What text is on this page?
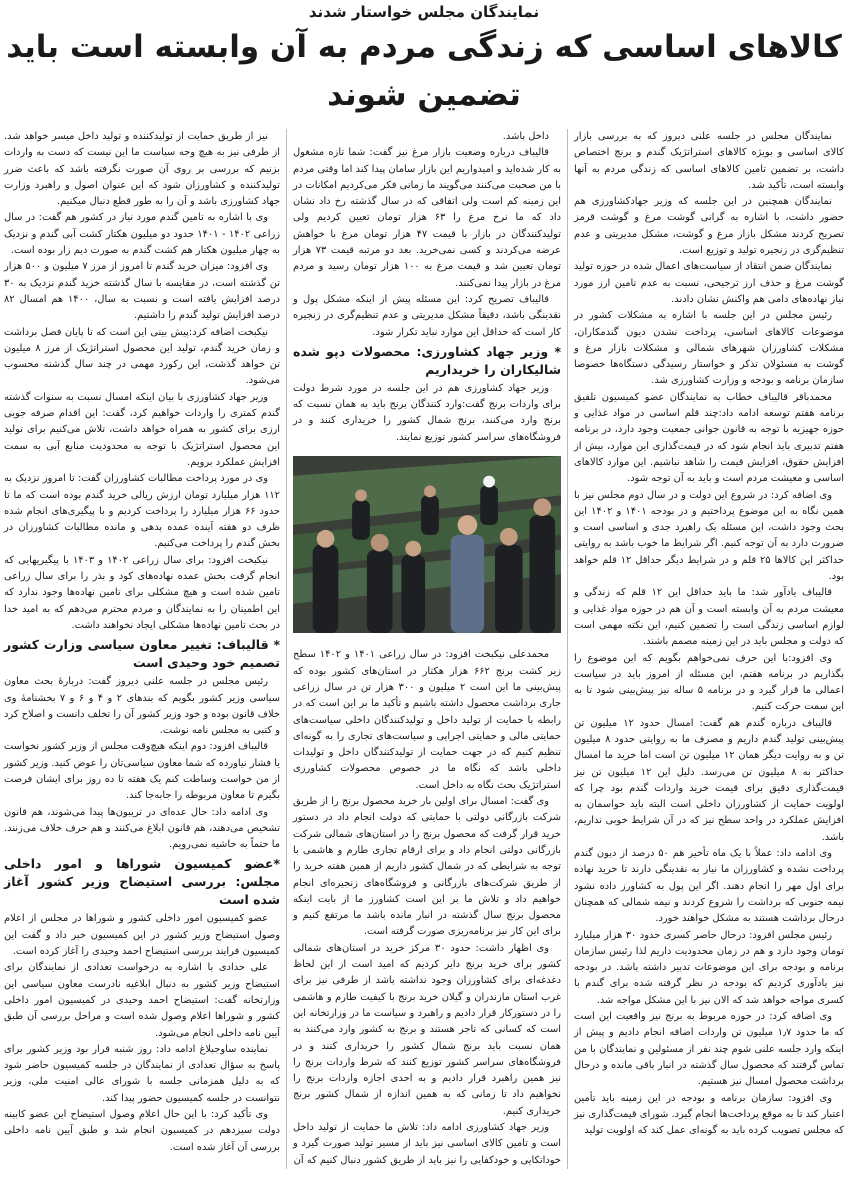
نمایندگان مجلس خواستار شدند
کالاهای اساسی که زندگی مردم به آن وابسته است باید تضمین شوند

نمایندگان مجلس در جلسه علنی دیروز که به بررسی بازار کالای اساسی و بویژه کالاهای استراتژیک گندم و برنج اختصاص داشت، بر تضمین تامین کالاهای اساسی که زندگی مردم به آنها وابسته است، تأکید شد.

نمایندگان همچنین در این جلسه که وزیر جهادکشاورزی هم حضور داشت، با اشاره به گرانی گوشت مرغ و گوشت قرمز تصریح کردند مشکل بازار مرغ و گوشت، مشکل مدیریتی و عدم تنظیم‌گری در زنجیره تولید و توزیع است.

نمایندگان ضمن انتقاد از سیاست‌های اعمال شده در حوزه تولید گوشت مرغ و حذف ارز ترجیحی، نسبت به عدم تامین ارز مورد نیاز نهاده‌های دامی هم واکنش نشان دادند.

رئیس مجلس در این جلسه با اشاره به مشکلات کشور در موضوعات کالاهای اساسی، پرداخت نشدن دیون گندمکاران، مشکلات کشاورزان شهرهای شمالی و مشکلات بازار مرغ و گوشت به مسئولان تذکر و خواستار رسیدگی دستگاه‌ها خصوصا سازمان برنامه و بودجه و وزارت کشاورزی شد.

محمدباقر قالیباف خطاب به نمایندگان عضو کمیسیون تلفیق برنامه هفتم توسعه ادامه داد:چند قلم اساسی در مواد غذایی و حوزه جهیزیه با توجه به قانون جوانی جمعیت وجود دارد، در برنامه هفتم تدبیری باید انجام شود که در قیمت‌گذاری این موارد، بیش از افزایش حقوق، افزایش قیمت را شاهد نباشیم. این موارد کالاهای اساسی و معیشت مردم است و باید به آن توجه شود.

وی اضافه کرد: در شروع این دولت و در سال دوم مجلس نیز با همین نگاه به این موضوع پرداختیم و در بودجه ۱۴۰۱ و ۱۴۰۲ این بحث وجود داشت، این مسئله یک راهبرد جدی و اساسی است و ضرورت دارد به آن توجه کنیم. اگر شرایط ما خوب باشد به روایتی حداکثر این کالاها ۲۵ قلم و در شرایط دیگر حداقل ۱۲ قلم خواهد بود.

قالیباف یادآور شد: ما باید حداقل این ۱۲ قلم که زندگی و معیشت مردم به آن وابسته است و آن هم در حوزه مواد غذایی و لوازم اساسی زندگی است را تضمین کنیم، این نکته مهمی است که دولت و مجلس باید در این زمینه مصمم باشند.

وی افزود:با این حرف نمی‌خواهم بگویم که این موضوع را بگذاریم در برنامه هفتم، این مسئله از امروز باید در سیاست اعمالی ما قرار گیرد و در برنامه ۵ ساله نیز پیش‌بینی شود تا به این سمت حرکت کنیم.

قالیباف درباره گندم هم گفت: امسال حدود ۱۲ میلیون تن پیش‌بینی تولید گندم داریم و مصرف ما به روایتی حدود ۸ میلیون تن و به روایت دیگر همان ۱۲ میلیون تن است اما خرید ما امسال حداکثر به ۸ میلیون تن می‌رسد. دلیل این ۱۲ میلیون تن نیز قیمت‌گذاری دقیق برای قیمت خرید واردات گندم بود چرا که اولویت حمایت از کشاورزان داخلی است البته باید حواسمان به افزایش عملکرد در واحد سطح نیز که در آن شرایط خوبی نداریم، باشد.

وی ادامه داد: عملاً با یک ماه تأخیر هم ۵۰ درصد از دیون گندم پرداخت نشده و کشاورزان ما نیاز به نقدینگی دارند تا خرید نهاده برای اول مهر را انجام دهند. اگر این پول به کشاورز داده نشود نیمه جنوبی که برداشت را شروع کردند و نیمه شمالی که همچنان درحال برداشت هستند به مشکل خواهند خورد.

رئیس مجلس افزود: درحال حاضر کسری حدود ۳۰ هزار میلیارد تومان وجود دارد و هم در زمان محدودیت داریم لذا رئیس سازمان برنامه و بودجه برای این موضوعات تدبیر داشته باشد. در بودجه نیز یادآوری کردیم که بودجه در نظر گرفته شده برای گندم با کسری مواجه خواهد شد که الان نیز با این مشکل مواجه شد.

وی اضافه کرد: در حوزه مربوط به برنج نیز واقعیت این است که ما حدود ۱٫۷ میلیون تن واردات اضافه انجام دادیم و پیش از اینکه وارد جلسه علنی شوم چند نفر از مسئولین و نمایندگان با من تماس گرفتند که محصول سال گذشته در انبار باقی مانده و درحال برداشت محصول امسال نیز هستیم.

وی افزود: سازمان برنامه و بودجه در این زمینه باید تأمین اعتبار کند تا به موقع پرداخت‌ها انجام گیرد. شورای قیمت‌گذاری نیز که مجلس تصویب کرده باید به گونه‌ای عمل کند که اولویت تولید

داخل باشد.

قالیباف درباره وضعیت بازار مرغ نیز گفت: شما تازه مشغول به کار شده‌اید و امیدواریم این بازار سامان پیدا کند اما وقتی مردم با من صحبت می‌کنند می‌گویند ما زمانی فکر می‌کردیم امکانات در این زمینه کم است ولی اتفاقی که در سال گذشته رخ داد نشان داد که ما نرخ مرغ را ۶۳ هزار تومان تعیین کردیم ولی تولیدکنندگان در بازار با قیمت ۴۷ هزار تومان مرغ با خواهش عرضه می‌کردند و کسی نمی‌خرید. بعد دو مرتبه قیمت ۷۳ هزار تومان تعیین شد و قیمت مرغ به ۱۰۰ هزار تومان رسید و مردم مرغ در بازار پیدا نمی‌کنند.

قالیباف تصریح کرد: این مسئله پیش از اینکه مشکل پول و نقدینگی باشد، دقیقاً مشکل مدیریتی و عدم تنظیم‌گری در زنجیره کار است که حداقل این موارد نباید تکرار شود.

* وزیر جهاد کشاورزی: محصولات دپو شده شالیکاران را خریداریم

وزیر جهاد کشاورزی هم در این جلسه در مورد شرط دولت برای واردات برنج گفت:وارد کنندگان برنج باید به همان نسبت که برنج وارد می‌کنند، برنج شمال کشور را خریداری کنند و در فروشگاه‌های سراسر کشور توزیع نمایند.

محمدعلی نیکبخت افزود: در سال زراعی ۱۴۰۱ و ۱۴۰۲ سطح زیر کشت برنج ۶۶۲ هزار هکتار در استان‌های کشور بوده که پیش‌بینی ما این است ۲ میلیون و ۳۰۰ هزار تن در سال زراعی جاری برداشت محصول داشته باشیم و تأکید ما بر این است که در رابطه با حمایت از تولید داخل و تولیدکنندگان داخلی سیاست‌های حمایتی مالی و حمایتی اجرایی و سیاست‌های تجاری را به گونه‌ای تنظیم کنیم که در جهت حمایت از تولیدکنندگان داخل و تولیدات داخلی باشد که نگاه ما در خصوص محصولات کشاورزی استراتژیک بحث نگاه به داخل است.

وی گفت: امسال برای اولین بار خرید محصول برنج را از طریق شرکت بازرگانی دولتی با حمایتی که دولت انجام داد در دستور خرید قرار گرفت که محصول برنج را در استان‌های شمالی شرکت بازرگانی دولتی انجام داد و برای ارقام تجاری طارم و هاشمی با توجه به شرایطی که در شمال کشور داریم از همین هفته خرید را از طریق شرکت‌های بازرگانی و فروشگاه‌های زنجیره‌ای انجام خواهیم داد و تلاش ما بر این است کشاورز ما از بابت اینکه محصول برنج سال گذشته در انبار مانده باشد ما مرتفع کنیم و برای این کار نیز برنامه‌ریزی صورت گرفته است.

وی اظهار داشت: حدود ۳۰ مرکز خرید در استان‌های شمالی کشور برای خرید برنج دایر کردیم که امید است از این لحاظ دغدغه‌ای برای کشاورزان وجود نداشته باشد از طرفی نیز برای غرب استان مازندران و گیلان خرید برنج با کیفیت طارم و هاشمی را در دستورکار قرار دادیم و راهبرد و سیاست ما در وزارتخانه این است که کسانی که تاجر هستند و برنج به کشور وارد می‌کنند به همان نسبت باید برنج شمال کشور را خریداری کنند و در فروشگاه‌های سراسر کشور توزیع کنند که شرط واردات برنج را نیز همین راهبرد قرار دادیم و به احدی اجازه واردات برنج را نخواهیم داد تا زمانی که به همین اندازه از شمال کشور برنج خریداری کنیم.

وزیر جهاد کشاورزی ادامه داد: تلاش ما حمایت از تولید داخل است و تامین کالای اساسی نیز باید از مسیر تولید صورت گیرد و خوداتکایی و خودکفایی را نیز باید از طریق کشور دنبال کنیم که آن

نیز از طریق حمایت از تولیدکننده و تولید داخل میسر خواهد شد. از طرفی نیز به هیچ وجه سیاست ما این نیست که دست به واردات بزنیم که بررسی بر روی آن صورت نگرفته باشد که باعث ضرر تولیدکننده و کشاورزان شود که این عنوان اصول و راهبرد وزارت جهاد کشاورزی باشد و آن را به طور قطع دنبال میکنیم.

وی با اشاره به تامین گندم مورد نیاز در کشور هم گفت: در سال زراعی ۱۴۰۲ - ۱۴۰۱ حدود دو میلیون هکتار کشت آبی گندم و نزدیک به چهار میلیون هکتار هم کشت گندم به صورت دیم زار بوده است.

وی افزود: میزان خرید گندم تا امروز از مرز ۷ میلیون و ۵۰۰ هزار تن گذشته است، در مقایسه با سال گذشته خرید گندم نزدیک به ۳۰ درصد افزایش یافته است و نسبت به سال، ۱۴۰۰ هم امسال ۸۲ درصد افزایش تولید گندم را داشتیم.

نیکبخت اضافه کرد:پیش بینی این است که تا پایان فصل برداشت و زمان خرید گندم، تولید این محصول استراتژیک از مرز ۸ میلیون تن خواهد گذشت، این رکورد مهمی در چند سال گذشته محسوب می‌شود.

وزیر جهاد کشاورزی با بیان اینکه امسال نسبت به سنوات گذشته گندم کمتری را واردات خواهیم کرد، گفت: این اقدام صرفه جویی ارزی برای کشور به همراه خواهد داشت، تلاش می‌کنیم برای تولید این محصول استراتژیک با توجه به محدودیت منابع آبی به سمت افزایش عملکرد برویم.

وی در مورد پرداخت مطالبات کشاورزان گفت: تا امروز نزدیک به ۱۱۲ هزار میلیارد تومان ارزش ریالی خرید گندم بوده است که ما تا حدود ۶۶ هزار میلیارد را پرداخت کردیم و با پیگیری‌های انجام شده ظرف دو هفته آینده عمده بدهی و مانده مطالبات کشاورزان در بخش گندم را پرداخت می‌کنیم.

نیکبخت افزود: برای سال زراعی ۱۴۰۲ و ۱۴۰۳ با پیگیریهایی که انجام گرفت بخش عمده نهاده‌های کود و بذر را برای سال زراعی تامین شده است و هیچ مشکلی برای تامین نهاده‌ها وجود ندارد که این اطمینان را به نمایندگان و مردم محترم می‌دهم که به امید خدا در بحث تامین نهاده‌ها مشکلی ایجاد نخواهند داشت.

* قالیباف: تغییر معاون سیاسی وزارت کشور تصمیم خود وحیدی است

رئیس مجلس در جلسه علنی دیروز گفت: دربارهٔ بحث معاون سیاسی وزیر کشور بگویم که بندهای ۲ و ۴ و ۶ و ۷ بخشنامهٔ وی خلاف قانون بوده و خود وزیر کشور آن را تخلف دانست و اصلاح کرد و کتبی به مجلس نامه نوشت.

قالیباف افزود: دوم اینکه هیچ‌وقت مجلس از وزیر کشور نخواست یا فشار نیاورده که شما معاون سیاسی‌تان را عوض کنید. وزیر کشور از من خواست وساطت کنم یک هفته تا ده روز برای ایشان فرصت بگیرم تا معاون مربوطه را جابه‌جا کند.

وی ادامه داد: حال عده‌ای در تریبون‌ها پیدا می‌شوند، هم قانون تشخیص می‌دهند، هم قانون ابلاغ می‌کنند و هم حرف خلاف می‌زنند. ما حتماً به حاشیه نمی‌رویم.

*عضو کمیسیون شوراها و امور داخلی مجلس: بررسی استیضاح وزیر کشور آغاز شده است

عضو کمیسیون امور داخلی کشور و شوراها در مجلس از اعلام وصول استیضاح وزیر کشور در این کمیسیون خبر داد و گفت این کمیسیون فرایند بررسی استیضاح احمد وحیدی را آغاز کرده است.

علی حدادی با اشاره به درخواست تعدادی از نمایندگان برای استیضاح وزیر کشور به دنبال ابلاغیه نادرست معاون سیاسی این وزارتخانه گفت: استیضاح احمد وحیدی در کمیسیون امور داخلی کشور و شوراها اعلام وصول شده است و مراحل بررسی آن طبق آیین نامه داخلی انجام می‌شود.

نماینده ساوجبلاغ ادامه داد: روز شنبه قرار بود وزیر کشور برای پاسخ به سؤال تعدادی از نمایندگان در جلسه کمیسیون حاضر شود که به دلیل همزمانی جلسه با شورای عالی امنیت ملی، وزیر نتوانست در جلسه کمیسیون حضور پیدا کند.

وی تأکید کرد: با این حال اعلام وصول استیضاح این عضو کابینه دولت سیزدهم در کمیسیون انجام شد و طبق آیین نامه داخلی بررسی آن آغاز شده است.
